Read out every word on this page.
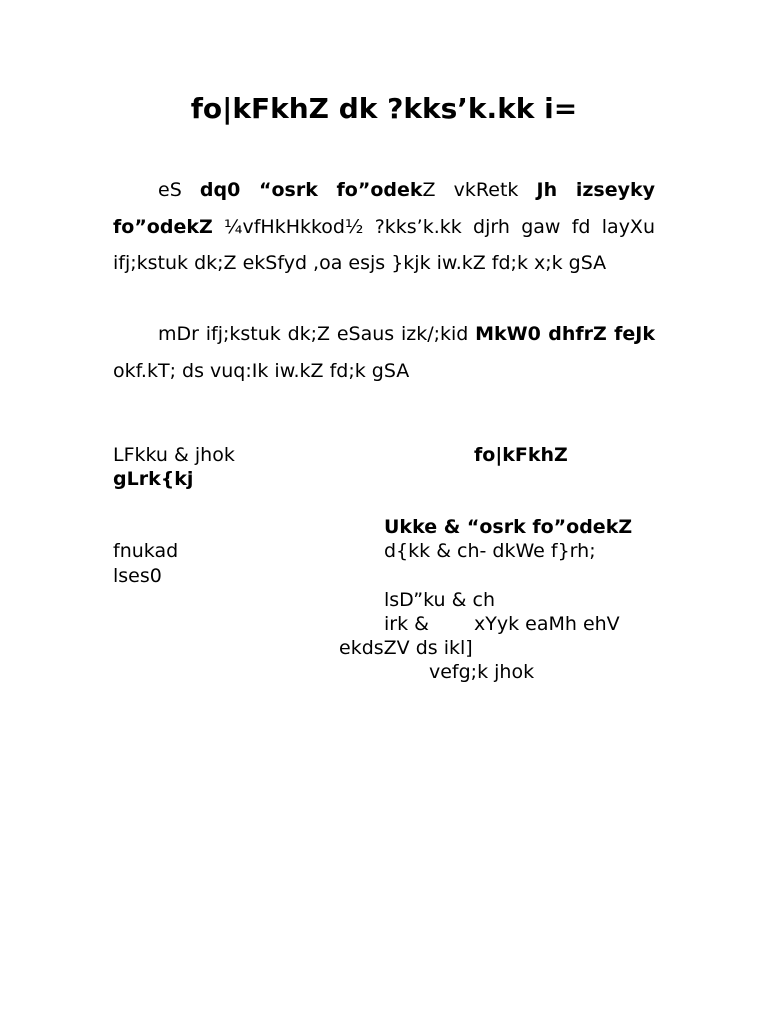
fo|kFkhZ dk ?kks’k.kk i=

eS dq0 “osrk fo”odekZ vkRetk Jh izseyky fo”odekZ ¼vfHkHkkod½ ?kks’k.kk djrh gaw fd layXu ifj;kstuk dk;Z ekSfyd ,oa esjs }kjk iw.kZ fd;k x;k gSA

mDr ifj;kstuk dk;Z eSaus izk/;kid MkW0 dhfrZ feJk okf.kT; ds vuq:Ik iw.kZ fd;k gSA

LFkku & jhok	fo|kFkhZ
gLrk{kj
Ukke & “osrk fo”odekZ
fnukad	d{kk & ch- dkWe f}rh;
lses0
lsD”ku & ch
irk & xYyk eaMh ehV
ekdsZV ds ikl]
vefg;k jhok
